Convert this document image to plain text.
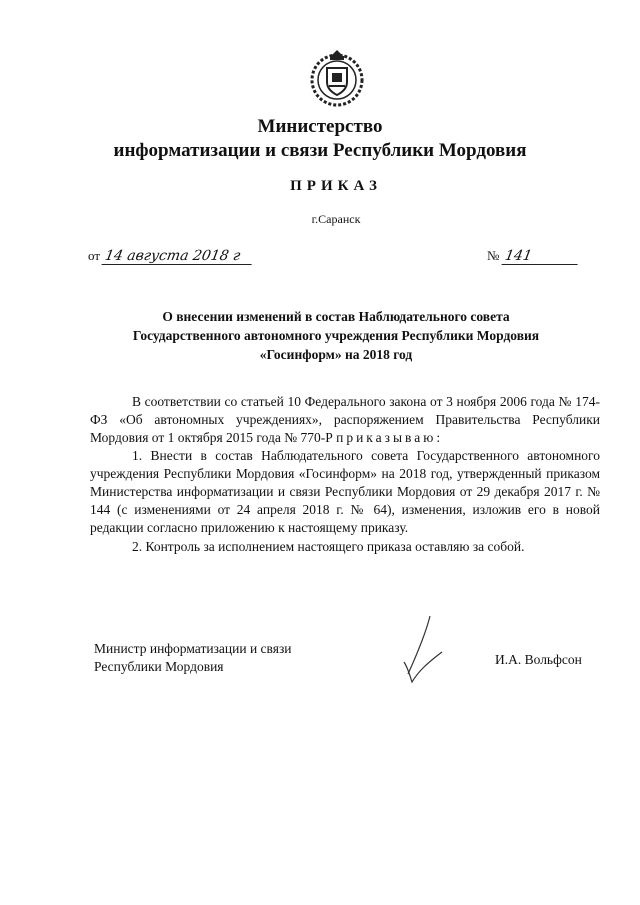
Министерство
информатизации и связи Республики Мордовия
ПРИКАЗ
г.Саранск
от 14 августа 2018 г	№ 141
О внесении изменений в состав Наблюдательного совета
Государственного автономного учреждения Республики Мордовия
«Госинформ» на 2018 год
В соответствии со статьей 10 Федерального закона от 3 ноября 2006 года № 174-ФЗ «Об автономных учреждениях», распоряжением Правительства Республики Мордовия от 1 октября 2015 года № 770-Р приказываю:
1. Внести в состав Наблюдательного совета Государственного автономного учреждения Республики Мордовия «Госинформ» на 2018 год, утвержденный приказом Министерства информатизации и связи Республики Мордовия от 29 декабря 2017 г. № 144 (с изменениями от 24 апреля 2018 г. № 64), изменения, изложив его в новой редакции согласно приложению к настоящему приказу.
2. Контроль за исполнением настоящего приказа оставляю за собой.
Министр информатизации и связи
Республики Мордовия	И.А. Вольфсон
